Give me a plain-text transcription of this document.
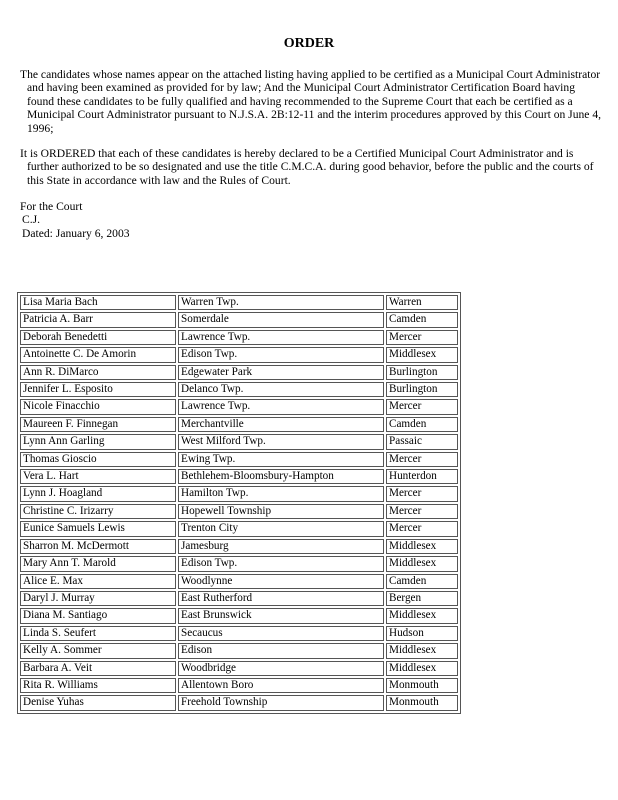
ORDER

The candidates whose names appear on the attached listing having applied to be certified as a Municipal Court Administrator and having been examined as provided for by law; And the Municipal Court Administrator Certification Board having found these candidates to be fully qualified and having recommended to the Supreme Court that each be certified as a Municipal Court Administrator pursuant to N.J.S.A. 2B:12-11 and the interim procedures approved by this Court on June 4, 1996;

It is ORDERED that each of these candidates is hereby declared to be a Certified Municipal Court Administrator and is further authorized to be so designated and use the title C.M.C.A. during good behavior, before the public and the courts of this State in accordance with law and the Rules of Court.

For the Court
C.J.
Dated: January 6, 2003
Lisa Maria Bach	Warren Twp.	Warren
Patricia A. Barr	Somerdale	Camden
Deborah Benedetti	Lawrence Twp.	Mercer
Antoinette C. De Amorin	Edison Twp.	Middlesex
Ann R. DiMarco	Edgewater Park	Burlington
Jennifer L. Esposito	Delanco Twp.	Burlington
Nicole Finacchio	Lawrence Twp.	Mercer
Maureen F. Finnegan	Merchantville	Camden
Lynn Ann Garling	West Milford Twp.	Passaic
Thomas Gioscio	Ewing Twp.	Mercer
Vera L. Hart	Bethlehem-Bloomsbury-Hampton	Hunterdon
Lynn J. Hoagland	Hamilton Twp.	Mercer
Christine C. Irizarry	Hopewell Township	Mercer
Eunice Samuels Lewis	Trenton City	Mercer
Sharron M. McDermott	Jamesburg	Middlesex
Mary Ann T. Marold	Edison Twp.	Middlesex
Alice E. Max	Woodlynne	Camden
Daryl J. Murray	East Rutherford	Bergen
Diana M. Santiago	East Brunswick	Middlesex
Linda S. Seufert	Secaucus	Hudson
Kelly A. Sommer	Edison	Middlesex
Barbara A. Veit	Woodbridge	Middlesex
Rita R. Williams	Allentown Boro	Monmouth
Denise Yuhas	Freehold Township	Monmouth
